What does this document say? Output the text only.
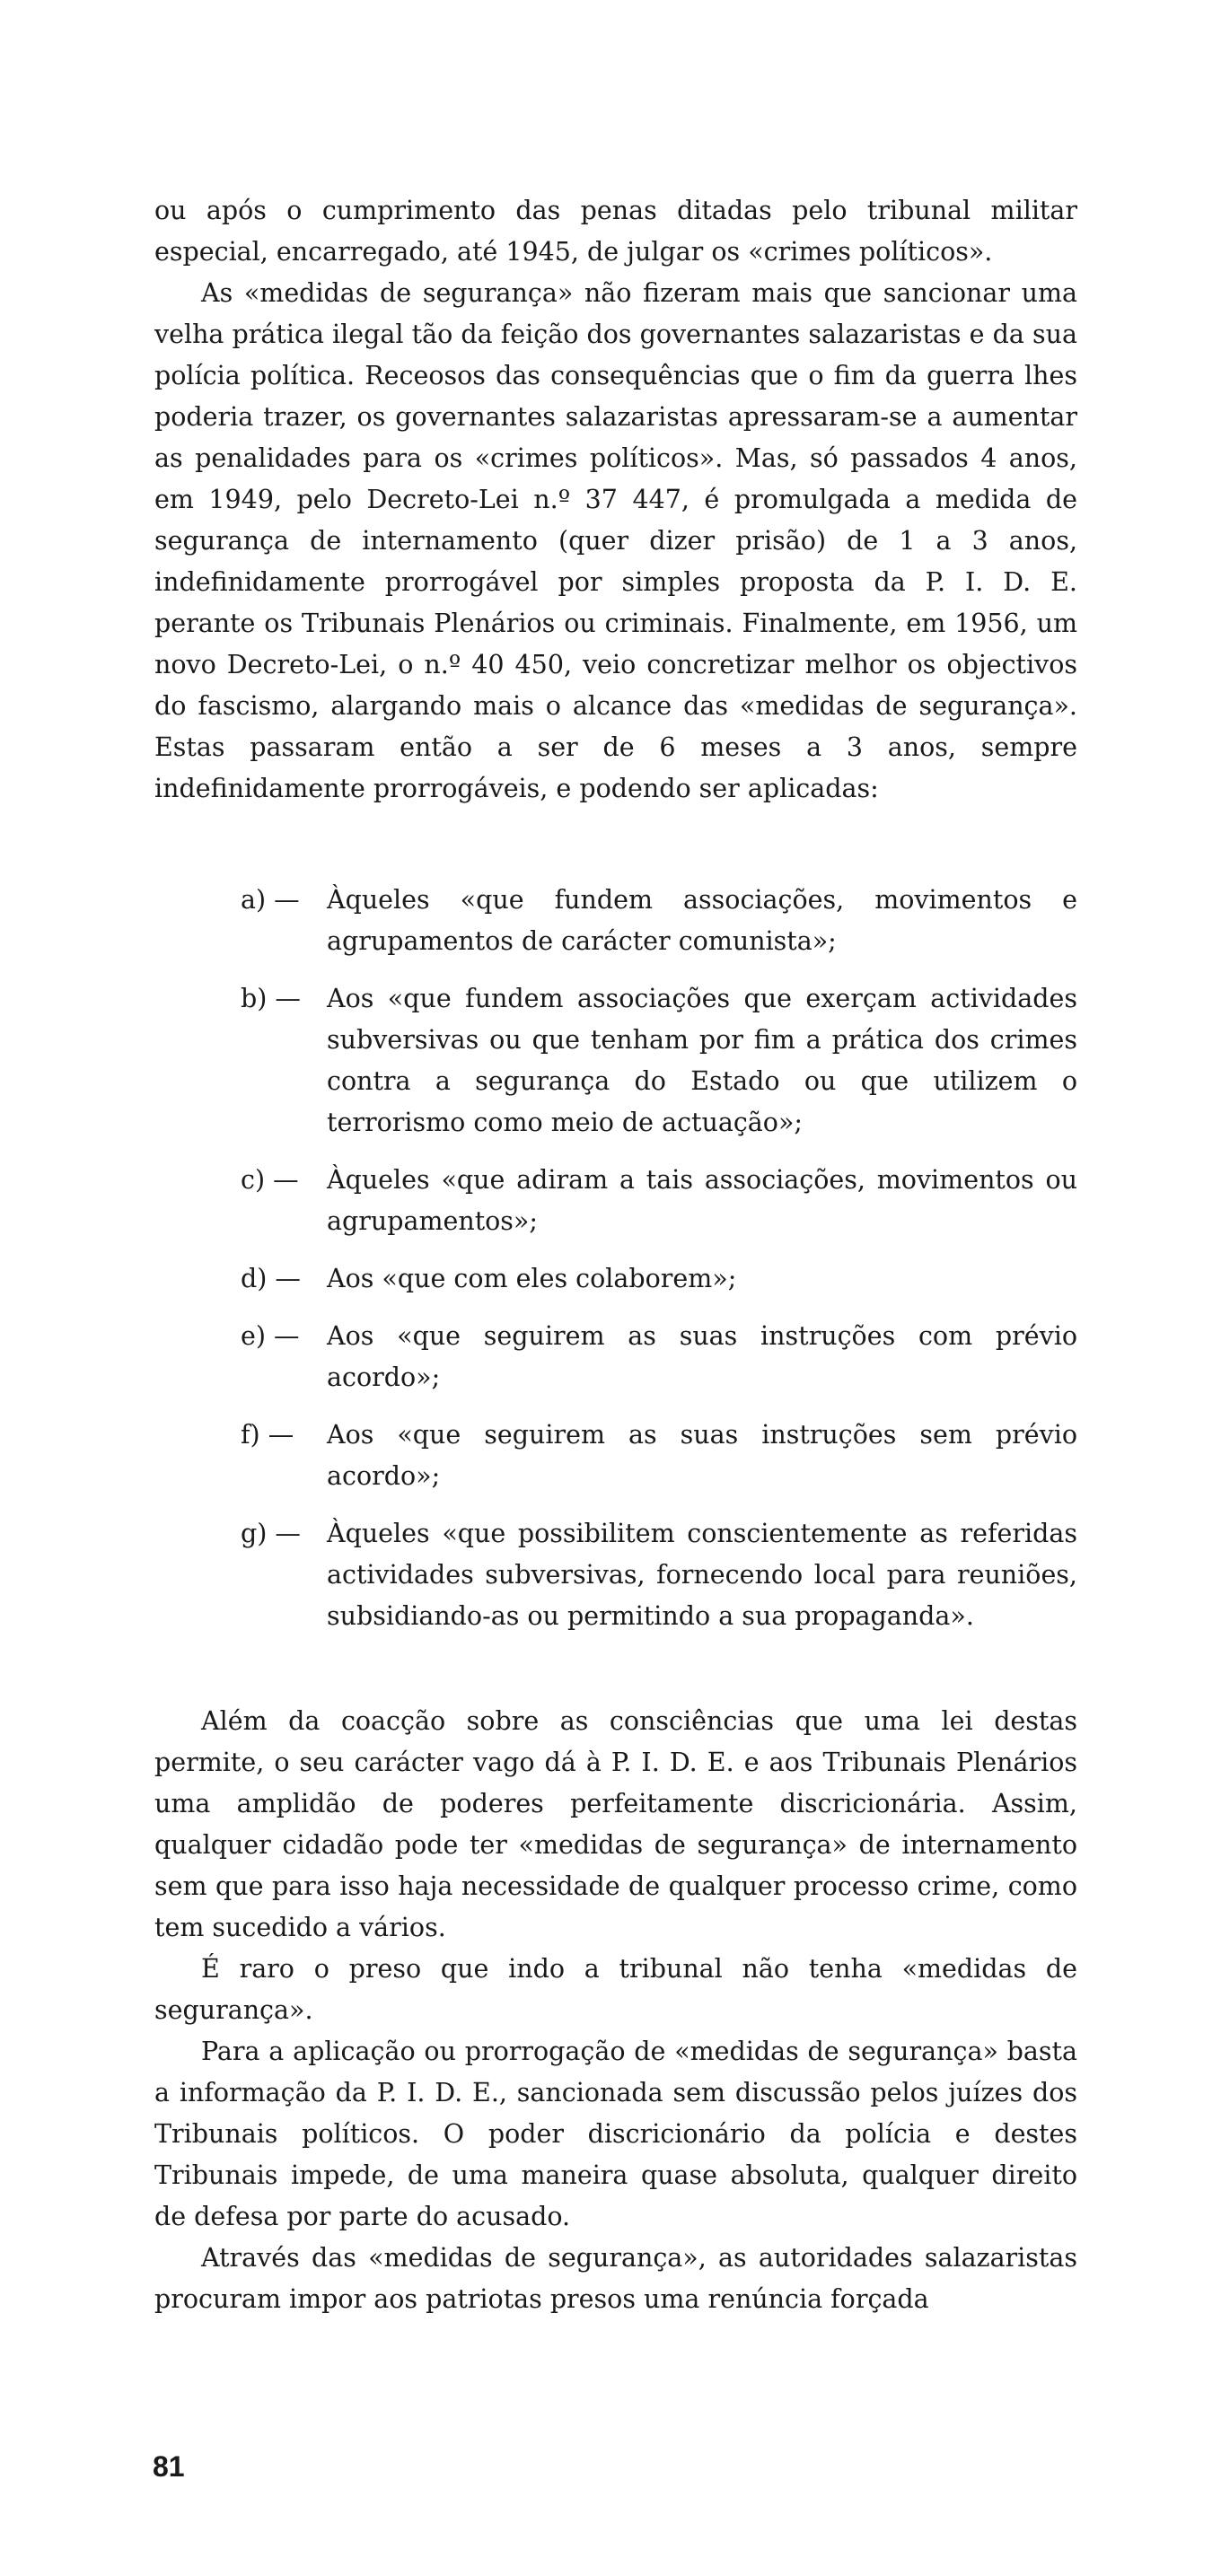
ou após o cumprimento das penas ditadas pelo tribunal militar especial, encarregado, até 1945, de julgar os «crimes políticos».

As «medidas de segurança» não fizeram mais que sancionar uma velha prática ilegal tão da feição dos governantes salazaristas e da sua polícia política. Receosos das consequências que o fim da guerra lhes poderia trazer, os governantes salazaristas apressaram-se a aumentar as penalidades para os «crimes políticos». Mas, só passados 4 anos, em 1949, pelo Decreto-Lei n.º 37 447, é promulgada a medida de segurança de internamento (quer dizer prisão) de 1 a 3 anos, indefinidamente prorrogável por simples proposta da P. I. D. E. perante os Tribunais Plenários ou criminais. Finalmente, em 1956, um novo Decreto-Lei, o n.º 40 450, veio concretizar melhor os objectivos do fascismo, alargando mais o alcance das «medidas de segurança». Estas passaram então a ser de 6 meses a 3 anos, sempre indefinidamente prorrogáveis, e podendo ser aplicadas:

a) —	Àqueles «que fundem associações, movimentos e agrupamentos de carácter comunista»;
b) —	Aos «que fundem associações que exerçam actividades subversivas ou que tenham por fim a prática dos crimes contra a segurança do Estado ou que utilizem o terrorismo como meio de actuação»;
c) —	Àqueles «que adiram a tais associações, movimentos ou agrupamentos»;
d) —	Aos «que com eles colaborem»;
e) —	Aos «que seguirem as suas instruções com prévio acordo»;
f) —	Aos «que seguirem as suas instruções sem prévio acordo»;
g) —	Àqueles «que possibilitem conscientemente as referidas actividades subversivas, fornecendo local para reuniões, subsidiando-as ou permitindo a sua propaganda».

Além da coacção sobre as consciências que uma lei destas permite, o seu carácter vago dá à P. I. D. E. e aos Tribunais Plenários uma amplidão de poderes perfeitamente discricionária. Assim, qualquer cidadão pode ter «medidas de segurança» de internamento sem que para isso haja necessidade de qualquer processo crime, como tem sucedido a vários.

É raro o preso que indo a tribunal não tenha «medidas de segurança».

Para a aplicação ou prorrogação de «medidas de segurança» basta a informação da P. I. D. E., sancionada sem discussão pelos juízes dos Tribunais políticos. O poder discricionário da polícia e destes Tribunais impede, de uma maneira quase absoluta, qualquer direito de defesa por parte do acusado.

Através das «medidas de segurança», as autoridades salazaristas procuram impor aos patriotas presos uma renúncia forçada

81
